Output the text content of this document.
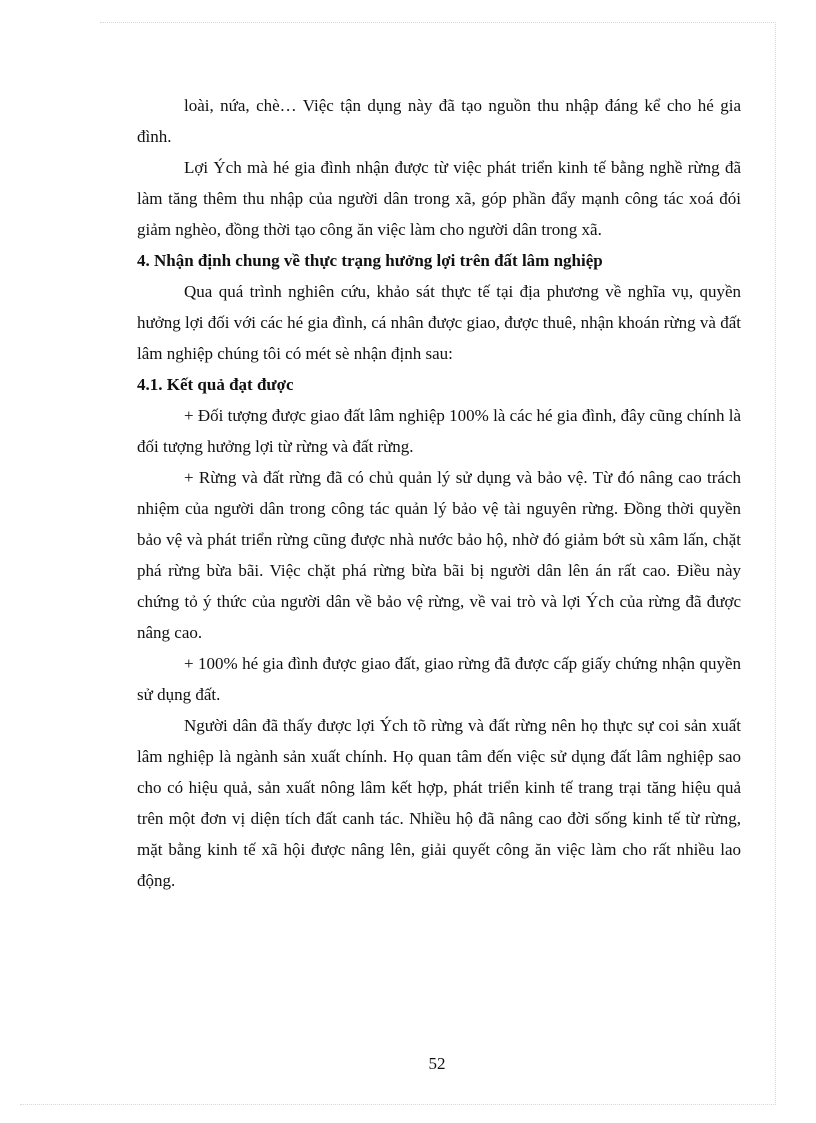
loài, nứa, chè… Việc tận dụng này đã tạo nguồn thu nhập đáng kể cho hé gia đình.

Lợi Ých mà hé gia đình nhận được từ việc phát triển kinh tế bằng nghề rừng đã làm tăng thêm thu nhập của người dân trong xã, góp phần đẩy mạnh công tác xoá đói giảm nghèo, đồng thời tạo công ăn việc làm cho người dân trong xã.

4. Nhận định chung về thực trạng hưởng lợi trên đất lâm nghiệp

Qua quá trình nghiên cứu, khảo sát thực tế tại địa phương về nghĩa vụ, quyền hưởng lợi đối với các hé gia đình, cá nhân được giao, được thuê, nhận khoán rừng và đất lâm nghiệp chúng tôi có mét sè nhận định sau:

4.1. Kết quả đạt được

+ Đối tượng được giao đất lâm nghiệp 100% là các hé gia đình, đây cũng chính là đối tượng hưởng lợi từ rừng và đất rừng.

+ Rừng và đất rừng đã có chủ quản lý sử dụng và bảo vệ. Từ đó nâng cao trách nhiệm của người dân trong công tác quản lý bảo vệ tài nguyên rừng. Đồng thời quyền bảo vệ và phát triển rừng cũng được nhà nước bảo hộ, nhờ đó giảm bớt sù xâm lấn, chặt phá rừng bừa bãi. Việc chặt phá rừng bừa bãi bị người dân lên án rất cao. Điều này chứng tỏ ý thức của người dân về bảo vệ rừng, về vai trò và lợi Ých của rừng đã được nâng cao.

+ 100% hé gia đình được giao đất, giao rừng đã được cấp giấy chứng nhận quyền sử dụng đất.

Người dân đã thấy được lợi Ých tõ rừng và đất rừng nên họ thực sự coi sản xuất lâm nghiệp là ngành sản xuất chính. Họ quan tâm đến việc sử dụng đất lâm nghiệp sao cho có hiệu quả, sản xuất nông lâm kết hợp, phát triển kinh tế trang trại tăng hiệu quả trên một đơn vị diện tích đất canh tác. Nhiều hộ đã nâng cao đời sống kinh tế từ rừng, mặt bằng kinh tế xã hội được nâng lên, giải quyết công ăn việc làm cho rất nhiều lao động.

52
